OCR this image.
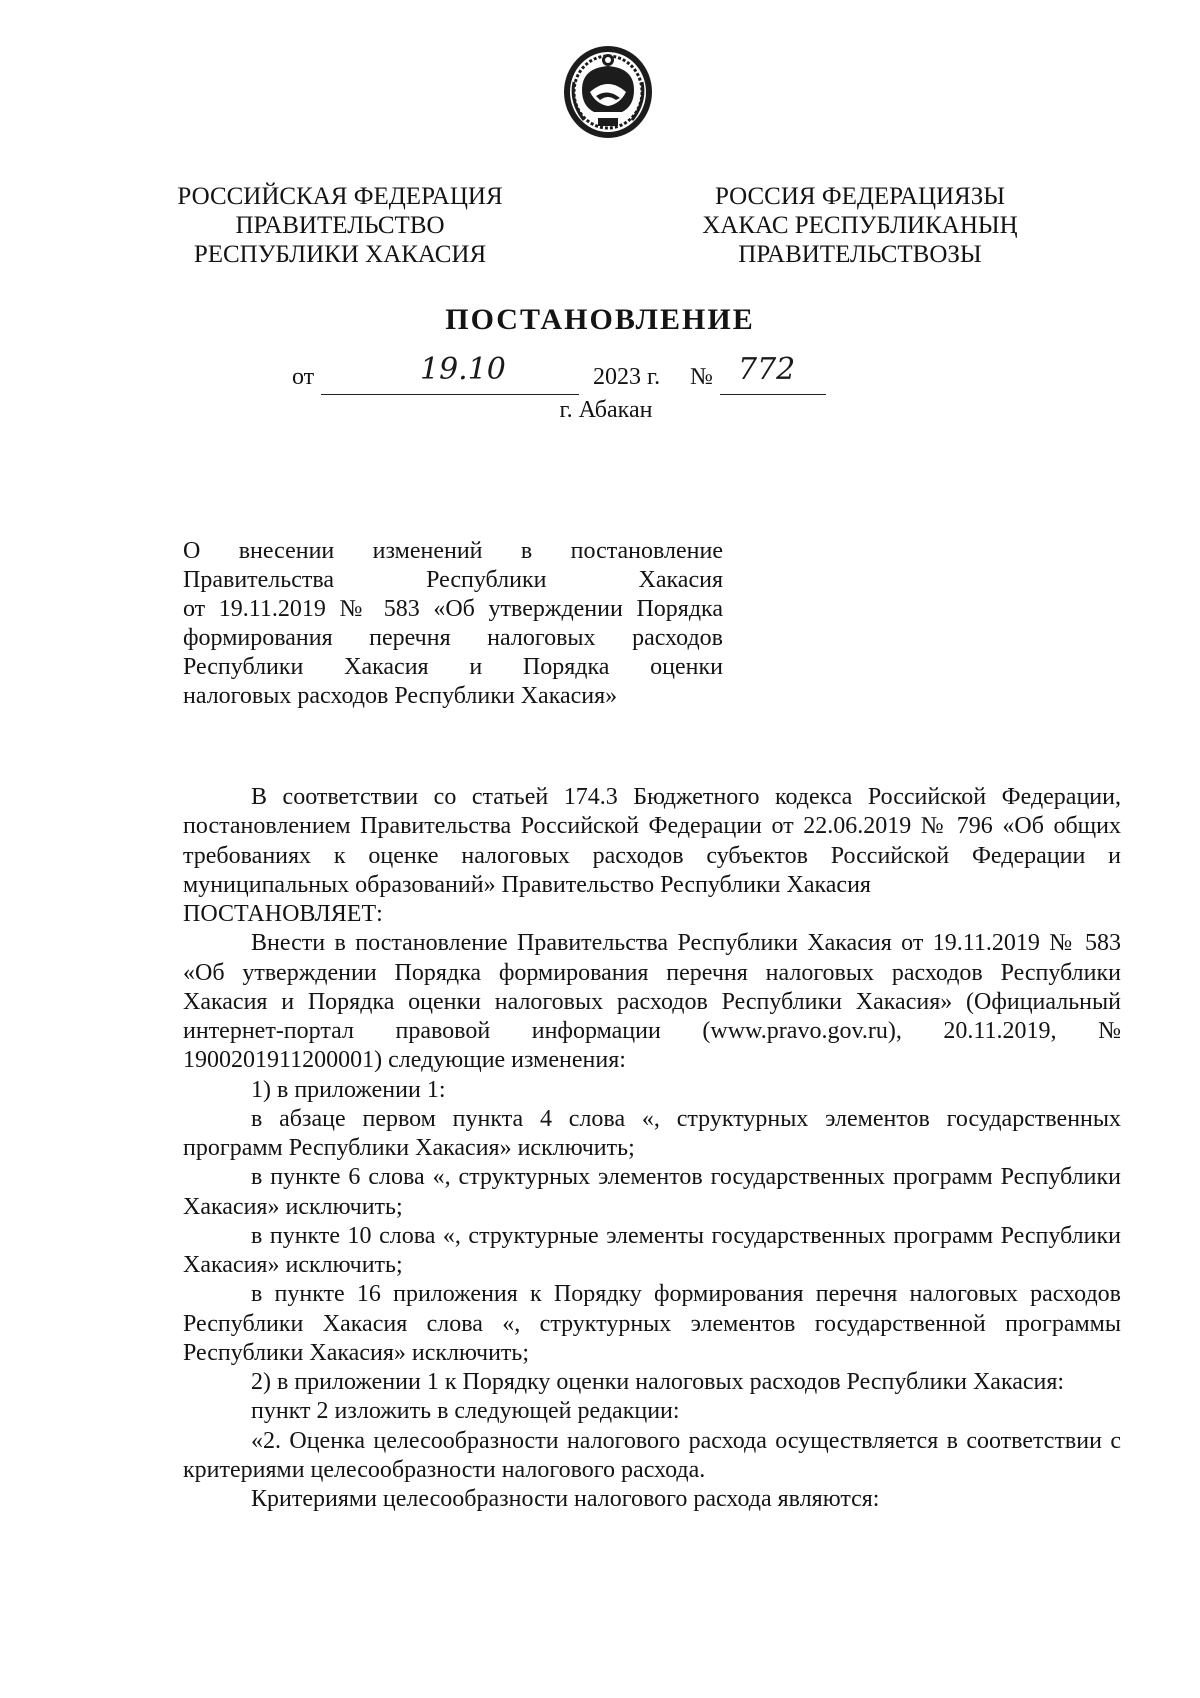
РОССИЙСКАЯ ФЕДЕРАЦИЯ
ПРАВИТЕЛЬСТВО
РЕСПУБЛИКИ ХАКАСИЯ
РОССИЯ ФЕДЕРАЦИЯЗЫ
ХАКАС РЕСПУБЛИКАНЫҢ
ПРАВИТЕЛЬСТВОЗЫ
ПОСТАНОВЛЕНИЕ
от	19.10	2023 г. № 772
г. Абакан
О внесении изменений в постановление
Правительства Республики Хакасия
от 19.11.2019 № 583 «Об утверждении Порядка
формирования перечня налоговых расходов
Республики Хакасия и Порядка оценки
налоговых расходов Республики Хакасия»

В соответствии со статьей 174.3 Бюджетного кодекса Российской Федерации, постановлением Правительства Российской Федерации от 22.06.2019 № 796 «Об общих требованиях к оценке налоговых расходов субъектов Российской Федерации и муниципальных образований» Правительство Республики Хакасия

ПОСТАНОВЛЯЕТ:

Внести в постановление Правительства Республики Хакасия от 19.11.2019 № 583 «Об утверждении Порядка формирования перечня налоговых расходов Республики Хакасия и Порядка оценки налоговых расходов Республики Хакасия» (Официальный интернет-портал правовой информации (www.pravo.gov.ru), 20.11.2019, № 1900201911200001) следующие изменения:

1) в приложении 1:

в абзаце первом пункта 4 слова «, структурных элементов государственных программ Республики Хакасия» исключить;

в пункте 6 слова «, структурных элементов государственных программ Республики Хакасия» исключить;

в пункте 10 слова «, структурные элементы государственных программ Республики Хакасия» исключить;

в пункте 16 приложения к Порядку формирования перечня налоговых расходов Республики Хакасия слова «, структурных элементов государственной программы Республики Хакасия» исключить;

2) в приложении 1 к Порядку оценки налоговых расходов Республики Хакасия:

пункт 2 изложить в следующей редакции:

«2. Оценка целесообразности налогового расхода осуществляется в соответствии с критериями целесообразности налогового расхода.

Критериями целесообразности налогового расхода являются:
